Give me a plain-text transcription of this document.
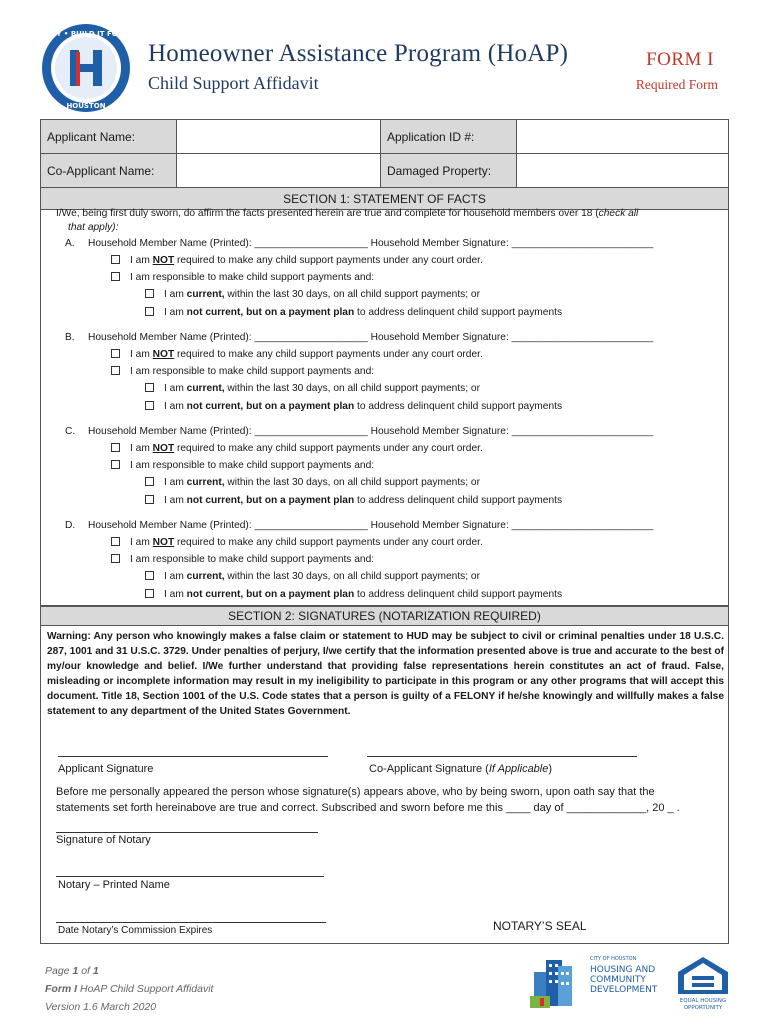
ONE CITY • BUILD IT FORWARD
HOUSTON
Homeowner Assistance Program (HoAP)
Child Support Affidavit
FORM I
Required Form
Applicant Name:		Application ID #:	
Co-Applicant Name:		Damaged Property:	
SECTION 1: STATEMENT OF FACTS			
I/We, being first duly sworn, do affirm the facts presented herein are true and complete for household members over 18 (check all
that apply):
A. Household Member Name (Printed): ____________________ Household Member Signature: _________________________
I am NOT required to make any child support payments under any court order.
I am responsible to make child support payments and:
I am current, within the last 30 days, on all child support payments; or
I am not current, but on a payment plan to address delinquent child support payments
B. Household Member Name (Printed): ____________________ Household Member Signature: _________________________
I am NOT required to make any child support payments under any court order.
I am responsible to make child support payments and:
I am current, within the last 30 days, on all child support payments; or
I am not current, but on a payment plan to address delinquent child support payments
C. Household Member Name (Printed): ____________________ Household Member Signature: _________________________
I am NOT required to make any child support payments under any court order.
I am responsible to make child support payments and:
I am current, within the last 30 days, on all child support payments; or
I am not current, but on a payment plan to address delinquent child support payments
D. Household Member Name (Printed): ____________________ Household Member Signature: _________________________
I am NOT required to make any child support payments under any court order.
I am responsible to make child support payments and:
I am current, within the last 30 days, on all child support payments; or
I am not current, but on a payment plan to address delinquent child support payments
SECTION 2: SIGNATURES (NOTARIZATION REQUIRED)
Warning: Any person who knowingly makes a false claim or statement to HUD may be subject to civil or criminal penalties under 18 U.S.C. 287, 1001 and 31 U.S.C. 3729. Under penalties of perjury, I/we certify that the information presented above is true and accurate to the best of my/our knowledge and belief. I/We further understand that providing false representations herein constitutes an act of fraud. False, misleading or incomplete information may result in my ineligibility to participate in this program or any other programs that will accept this document. Title 18, Section 1001 of the U.S. Code states that a person is guilty of a FELONY if he/she knowingly and willfully makes a false statement to any department of the United States Government.
Applicant Signature	Co-Applicant Signature (If Applicable)
Before me personally appeared the person whose signature(s) appears above, who by being sworn, upon oath say that the
statements set forth hereinabove are true and correct. Subscribed and sworn before me this ____ day of _____________, 20 _ .
Signature of Notary
Notary – Printed Name
Date Notary’s Commission Expires	NOTARY’S SEAL
Page 1 of 1
Form I HoAP Child Support Affidavit
Version 1.6 March 2020
CITY OF HOUSTON
HOUSING AND
COMMUNITY
DEVELOPMENT
EQUAL HOUSING
OPPORTUNITY
